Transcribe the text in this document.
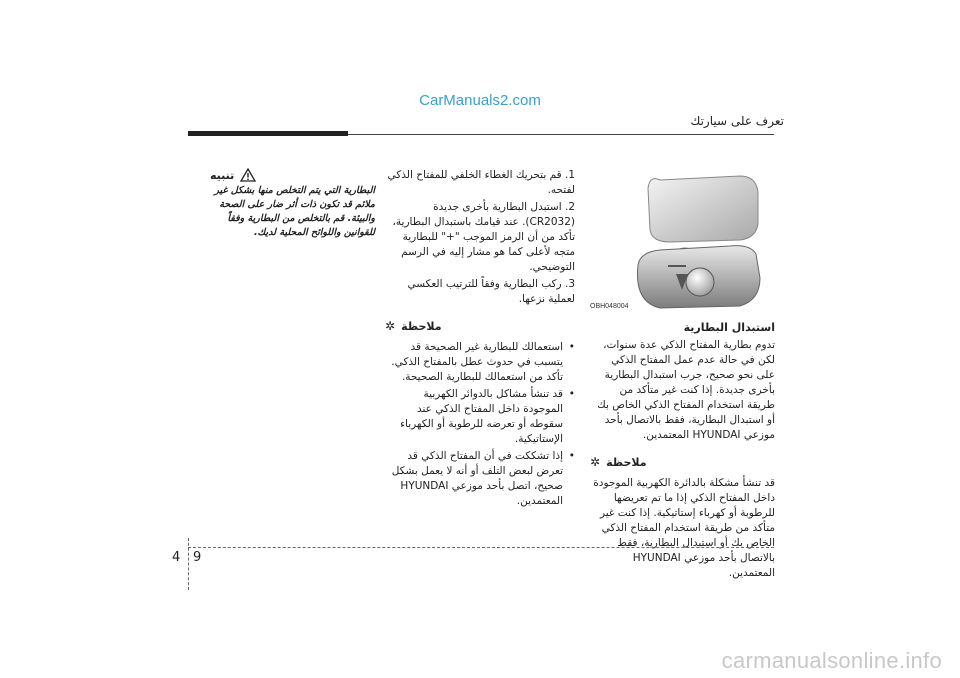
CarManuals2.com
تعرف على سيارتك
تنبيه
البطارية التي يتم التخلص منها بشكل غير ملائم قد تكون ذات أثر ضار على الصحة والبيئة. قم بالتخلص من البطارية وفقاً للقوانين واللوائح المحلية لديك.

1. قم بتحريك الغطاء الخلفي للمفتاح الذكي لفتحه.

2. استبدل البطارية بأخرى جديدة (CR2032). عند قيامك باستبدال البطارية، تأكد من أن الرمز الموجب "+" للبطارية متجه لأعلى كما هو مشار إليه في الرسم التوضيحي.

3. ركب البطارية وفقاً للترتيب العكسي لعملية نزعها.

✲ ملاحظة
• استعمالك للبطارية غير الصحيحة قد يتسبب في حدوث عطل بالمفتاح الذكي. تأكد من استعمالك للبطارية الصحيحة.
• قد تنشأ مشاكل بالدوائر الكهربية الموجودة داخل المفتاح الذكي عند سقوطه أو تعرضه للرطوبة أو الكهرباء الإستاتيكية.
• إذا تشككت في أن المفتاح الذكي قد تعرض لبعض التلف أو أنه لا يعمل بشكل صحيح، اتصل بأحد موزعي HYUNDAI المعتمدين.
OBH048004

استبدال البطارية

تدوم بطارية المفتاح الذكي عدة سنوات، لكن في حالة عدم عمل المفتاح الذكي على نحو صحيح، جرب استبدال البطارية بأخرى جديدة. إذا كنت غير متأكد من طريقة استخدام المفتاح الذكي الخاص بك أو استبدال البطارية، فقط بالاتصال بأحد موزعي HYUNDAI المعتمدين.

✲ ملاحظة

قد تنشأ مشكلة بالدائرة الكهربية الموجودة داخل المفتاح الذكي إذا ما تم تعريضها للرطوبة أو كهرباء إستاتيكية. إذا كنت غير متأكد من طريقة استخدام المفتاح الذكي الخاص بك أو استبدال البطارية، فقط بالاتصال بأحد موزعي HYUNDAI المعتمدين.

4 9
carmanualsonline.info
